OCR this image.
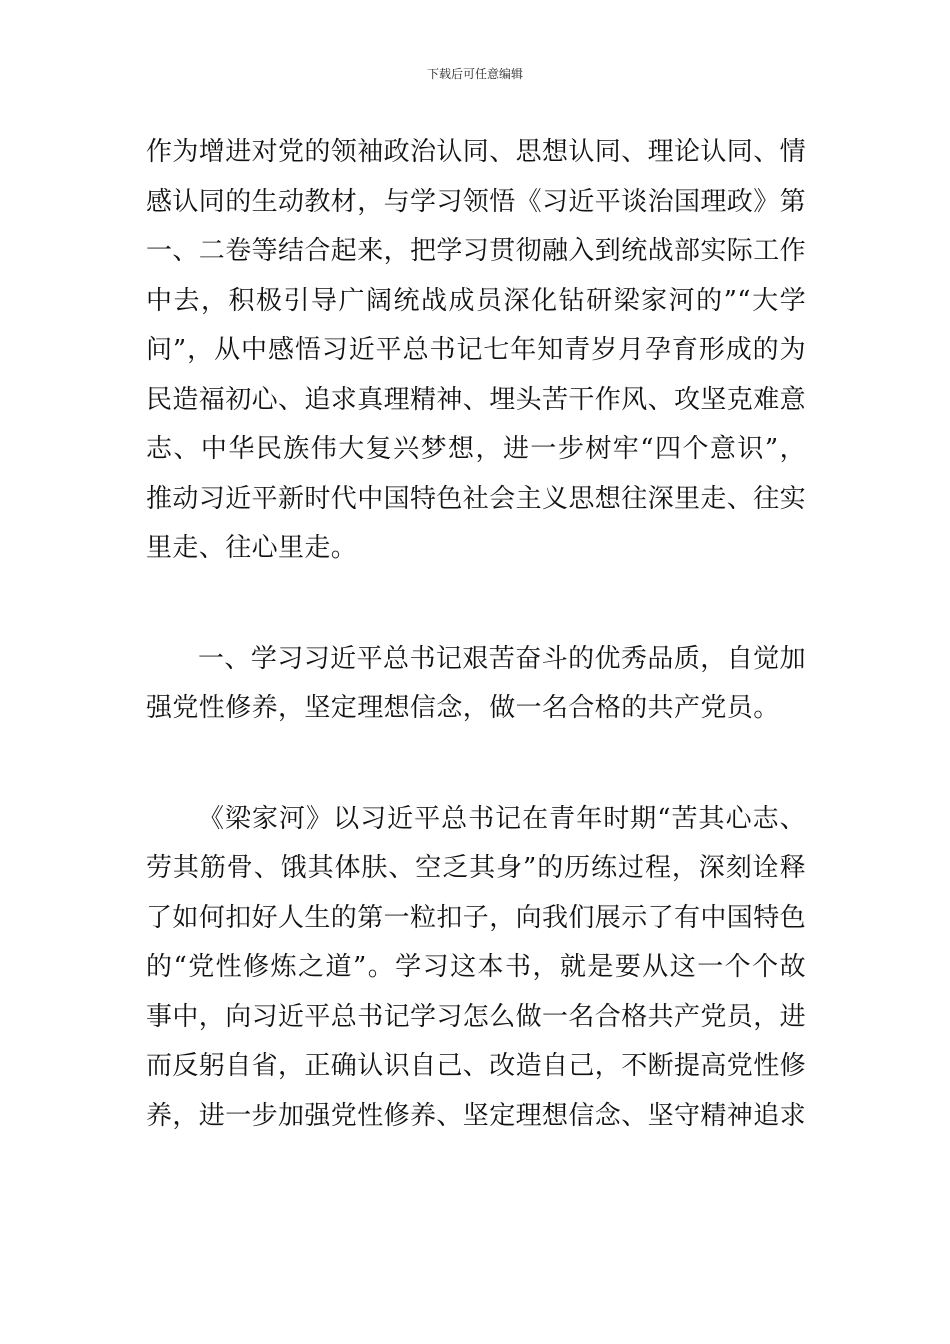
下载后可任意编辑

作为增进对党的领袖政治认同、思想认同、理论认同、情感认同的生动教材，与学习领悟《习近平谈治国理政》第一、二卷等结合起来，把学习贯彻融入到统战部实际工作中去，积极引导广阔统战成员深化钻研梁家河的”“大学问”，从中感悟习近平总书记七年知青岁月孕育形成的为民造福初心、追求真理精神、埋头苦干作风、攻坚克难意志、中华民族伟大复兴梦想，进一步树牢“四个意识”，推动习近平新时代中国特色社会主义思想往深里走、往实里走、往心里走。

一、学习习近平总书记艰苦奋斗的优秀品质，自觉加强党性修养，坚定理想信念，做一名合格的共产党员。

《梁家河》以习近平总书记在青年时期“苦其心志、劳其筋骨、饿其体肤、空乏其身”的历练过程，深刻诠释了如何扣好人生的第一粒扣子，向我们展示了有中国特色的“党性修炼之道”。学习这本书，就是要从这一个个故事中，向习近平总书记学习怎么做一名合格共产党员，进而反躬自省，正确认识自己、改造自己，不断提高党性修养，进一步加强党性修养、坚定理想信念、坚守精神追求
